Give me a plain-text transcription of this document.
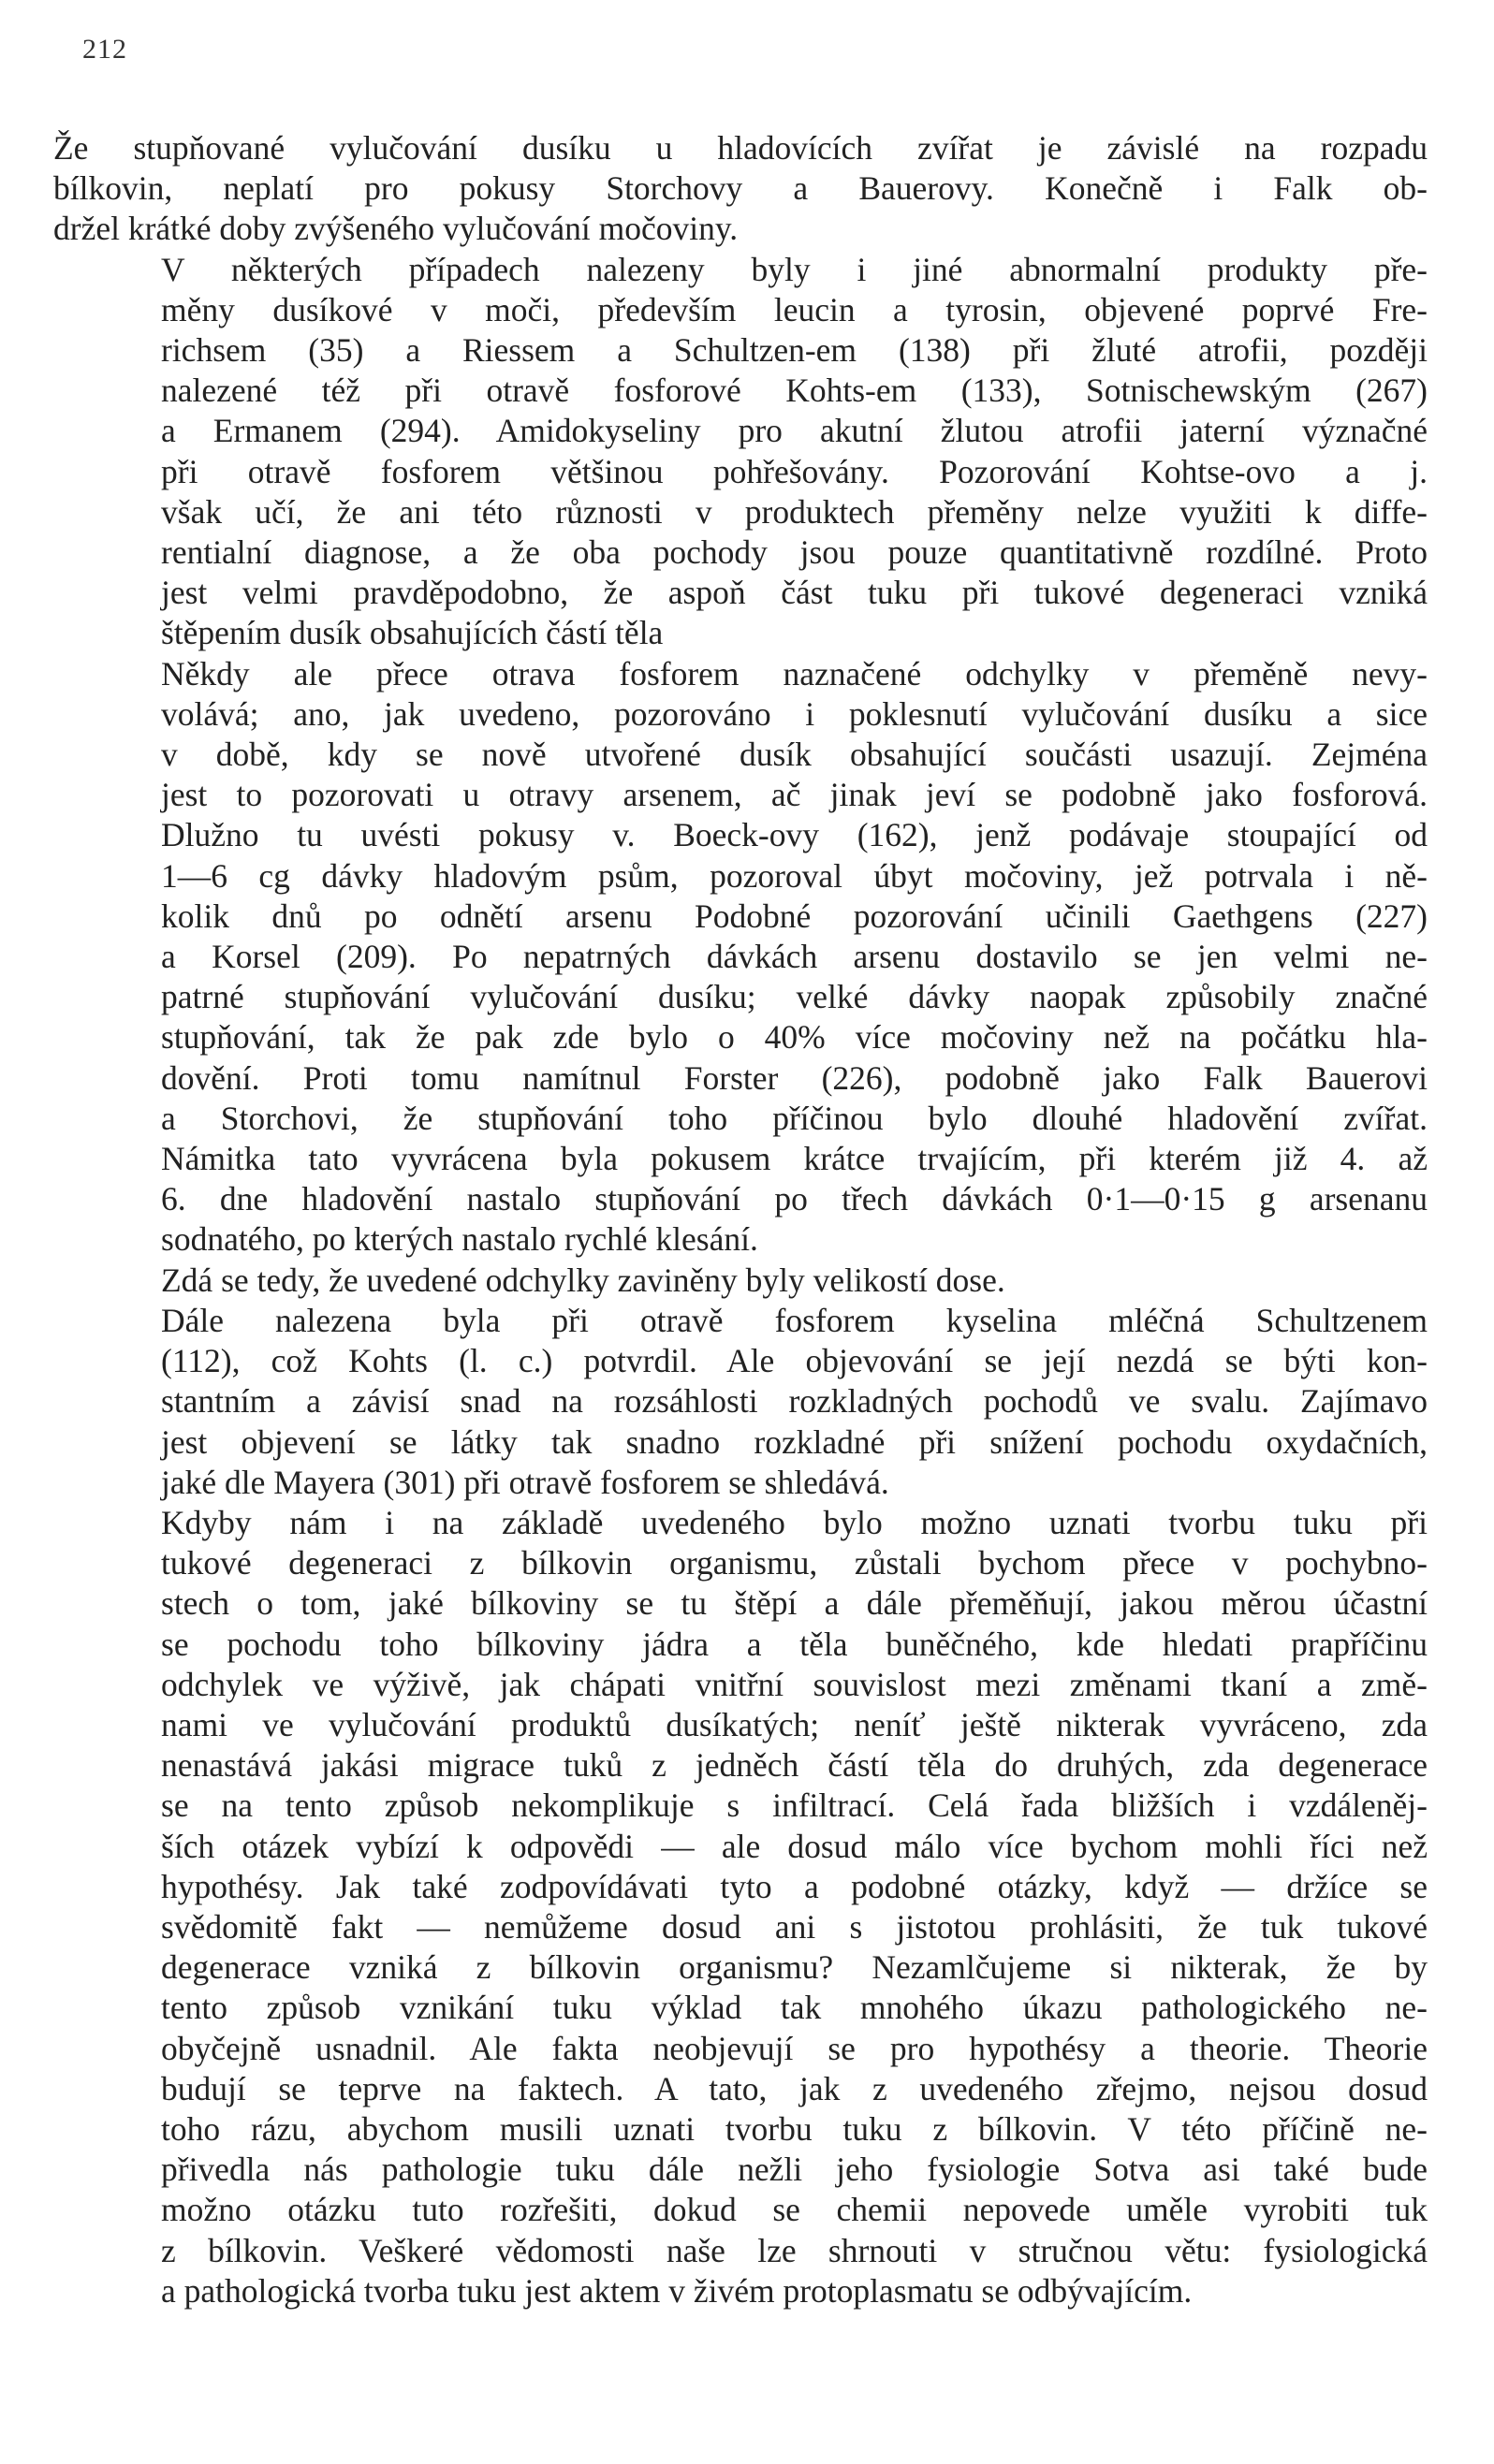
212

Že stupňované vylučování dusíku u hladovících zvířat je závislé na rozpadu
bílkovin, neplatí pro pokusy Storchovy a Bauerovy. Konečně i Falk ob-
držel krátké doby zvýšeného vylučování močoviny.

V některých případech nalezeny byly i jiné abnormalní produkty pře-
měny dusíkové v moči, především leucin a tyrosin, objevené poprvé Fre-
richsem (35) a Riessem a Schultzen-em (138) při žluté atrofii, později
nalezené též při otravě fosforové Kohts-em (133), Sotnischewským (267)
a Ermanem (294). Amidokyseliny pro akutní žlutou atrofii jaterní význačné
při otravě fosforem většinou pohřešovány. Pozorování Kohtse-ovo a j.
však učí, že ani této různosti v produktech přeměny nelze využiti k diffe-
rentialní diagnose, a že oba pochody jsou pouze quantitativně rozdílné. Proto
jest velmi pravděpodobno, že aspoň část tuku při tukové degeneraci vzniká
štěpením dusík obsahujících částí těla

Někdy ale přece otrava fosforem naznačené odchylky v přeměně nevy-
volává; ano, jak uvedeno, pozorováno i poklesnutí vylučování dusíku a sice
v době, kdy se nově utvořené dusík obsahující součásti usazují. Zejména
jest to pozorovati u otravy arsenem, ač jinak jeví se podobně jako fosforová.
Dlužno tu uvésti pokusy v. Boeck-ovy (162), jenž podávaje stoupající od
1—6 cg dávky hladovým psům, pozoroval úbyt močoviny, jež potrvala i ně-
kolik dnů po odnětí arsenu Podobné pozorování učinili Gaethgens (227)
a Korsel (209). Po nepatrných dávkách arsenu dostavilo se jen velmi ne-
patrné stupňování vylučování dusíku; velké dávky naopak způsobily značné
stupňování, tak že pak zde bylo o 40% více močoviny než na počátku hla-
dovění. Proti tomu namítnul Forster (226), podobně jako Falk Bauerovi
a Storchovi, že stupňování toho příčinou bylo dlouhé hladovění zvířat.
Námitka tato vyvrácena byla pokusem krátce trvajícím, při kterém již 4. až
6. dne hladovění nastalo stupňování po třech dávkách 0·1—0·15 g arsenanu
sodnatého, po kterých nastalo rychlé klesání.

Zdá se tedy, že uvedené odchylky zaviněny byly velikostí dose.

Dále nalezena byla při otravě fosforem kyselina mléčná Schultzenem
(112), což Kohts (l. c.) potvrdil. Ale objevování se její nezdá se býti kon-
stantním a závisí snad na rozsáhlosti rozkladných pochodů ve svalu. Zajímavo
jest objevení se látky tak snadno rozkladné při snížení pochodu oxydačních,
jaké dle Mayera (301) při otravě fosforem se shledává.

Kdyby nám i na základě uvedeného bylo možno uznati tvorbu tuku při
tukové degeneraci z bílkovin organismu, zůstali bychom přece v pochybno-
stech o tom, jaké bílkoviny se tu štěpí a dále přeměňují, jakou měrou účastní
se pochodu toho bílkoviny jádra a těla buněčného, kde hledati prapříčinu
odchylek ve výživě, jak chápati vnitřní souvislost mezi změnami tkaní a změ-
nami ve vylučování produktů dusíkatých; neníť ještě nikterak vyvráceno, zda
nenastává jakási migrace tuků z jedněch částí těla do druhých, zda degenerace
se na tento způsob nekomplikuje s infiltrací. Celá řada bližších i vzdáleněj-
ších otázek vybízí k odpovědi — ale dosud málo více bychom mohli říci než
hypothésy. Jak také zodpovídávati tyto a podobné otázky, když — držíce se
svědomitě fakt — nemůžeme dosud ani s jistotou prohlásiti, že tuk tukové
degenerace vzniká z bílkovin organismu? Nezamlčujeme si nikterak, že by
tento způsob vznikání tuku výklad tak mnohého úkazu pathologického ne-
obyčejně usnadnil. Ale fakta neobjevují se pro hypothésy a theorie. Theorie
budují se teprve na faktech. A tato, jak z uvedeného zřejmo, nejsou dosud
toho rázu, abychom musili uznati tvorbu tuku z bílkovin. V této příčině ne-
přivedla nás pathologie tuku dále nežli jeho fysiologie Sotva asi také bude
možno otázku tuto rozřešiti, dokud se chemii nepovede uměle vyrobiti tuk
z bílkovin. Veškeré vědomosti naše lze shrnouti v stručnou větu: fysiologická
a pathologická tvorba tuku jest aktem v živém protoplasmatu se odbývajícím.
